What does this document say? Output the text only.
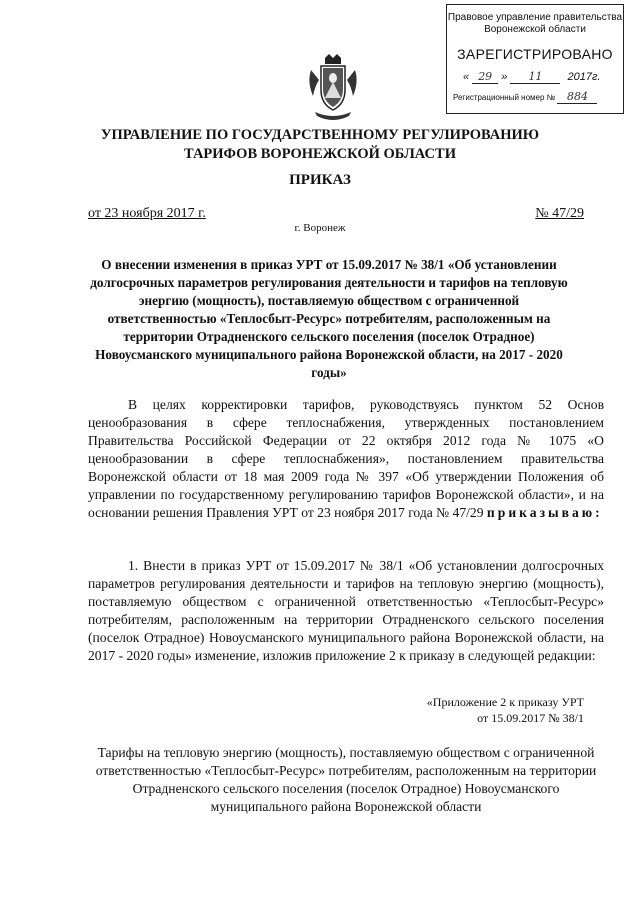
Правовое управление правительства
Воронежской области
ЗАРЕГИСТРИРОВАНО
« 29 » 11 2017г.
Регистрационный номер № 884
УПРАВЛЕНИЕ ПО ГОСУДАРСТВЕННОМУ РЕГУЛИРОВАНИЮ
ТАРИФОВ ВОРОНЕЖСКОЙ ОБЛАСТИ
ПРИКАЗ
от 23 ноября 2017 г.	№ 47/29
г. Воронеж
О внесении изменения в приказ УРТ от 15.09.2017 № 38/1 «Об установлении долгосрочных параметров регулирования деятельности и тарифов на тепловую энергию (мощность), поставляемую обществом с ограниченной ответственностью «Теплосбыт-Ресурс» потребителям, расположенным на территории Отрадненского сельского поселения (поселок Отрадное) Новоусманского муниципального района Воронежской области, на 2017 - 2020 годы»
В целях корректировки тарифов, руководствуясь пунктом 52 Основ ценообразования в сфере теплоснабжения, утвержденных постановлением Правительства Российской Федерации от 22 октября 2012 года № 1075 «О ценообразовании в сфере теплоснабжения», постановлением правительства Воронежской области от 18 мая 2009 года № 397 «Об утверждении Положения об управлении по государственному регулированию тарифов Воронежской области», и на основании решения Правления УРТ от 23 ноября 2017 года № 47/29 приказываю:
1. Внести в приказ УРТ от 15.09.2017 № 38/1 «Об установлении долгосрочных параметров регулирования деятельности и тарифов на тепловую энергию (мощность), поставляемую обществом с ограниченной ответственностью «Теплосбыт-Ресурс» потребителям, расположенным на территории Отрадненского сельского поселения (поселок Отрадное) Новоусманского муниципального района Воронежской области, на 2017 - 2020 годы» изменение, изложив приложение 2 к приказу в следующей редакции:
«Приложение 2 к приказу УРТ
от 15.09.2017 № 38/1
Тарифы на тепловую энергию (мощность), поставляемую обществом с ограниченной ответственностью «Теплосбыт-Ресурс» потребителям, расположенным на территории Отрадненского сельского поселения (поселок Отрадное) Новоусманского муниципального района Воронежской области
